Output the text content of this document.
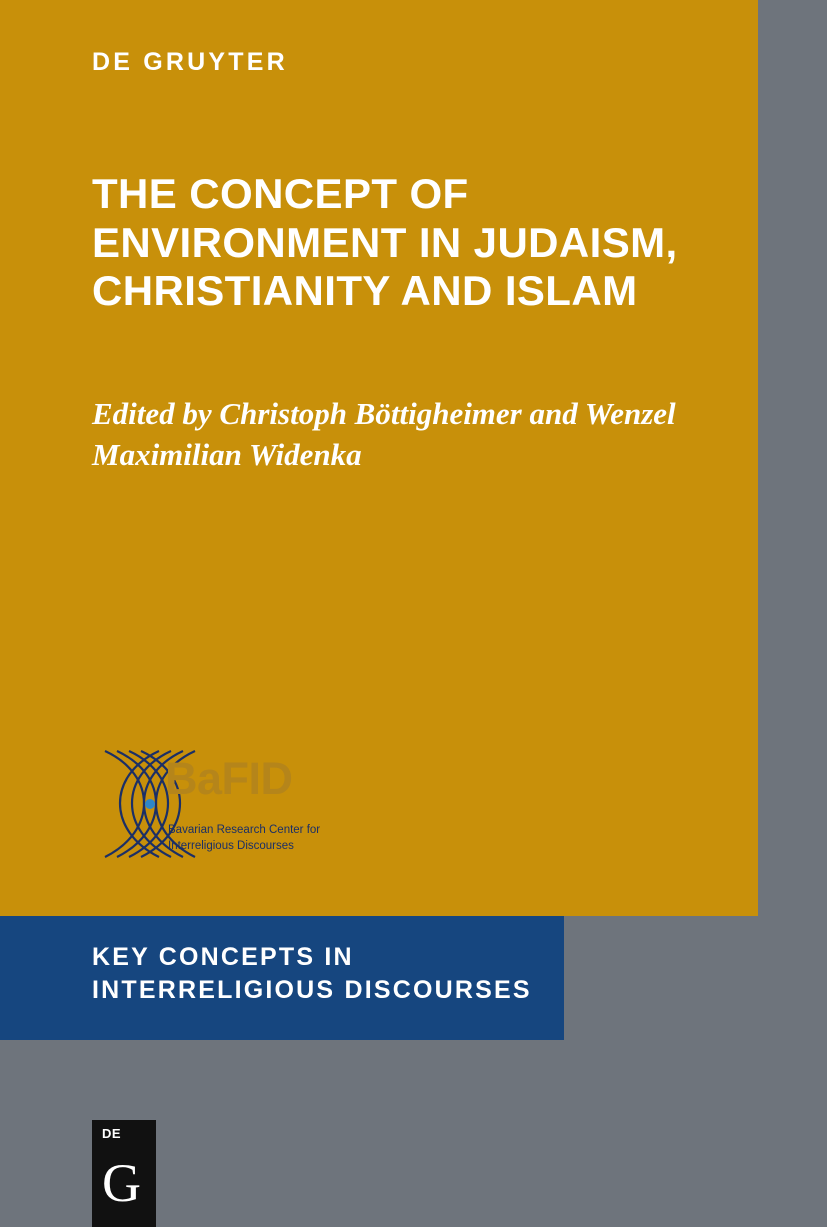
DE GRUYTER
THE CONCEPT OF ENVIRONMENT IN JUDAISM, CHRISTIANITY AND ISLAM
Edited by Christoph Böttigheimer and Wenzel Maximilian Widenka
BaFID
Bavarian Research Center for Interreligious Discourses
KEY CONCEPTS IN INTERRELIGIOUS DISCOURSES
DE
G
